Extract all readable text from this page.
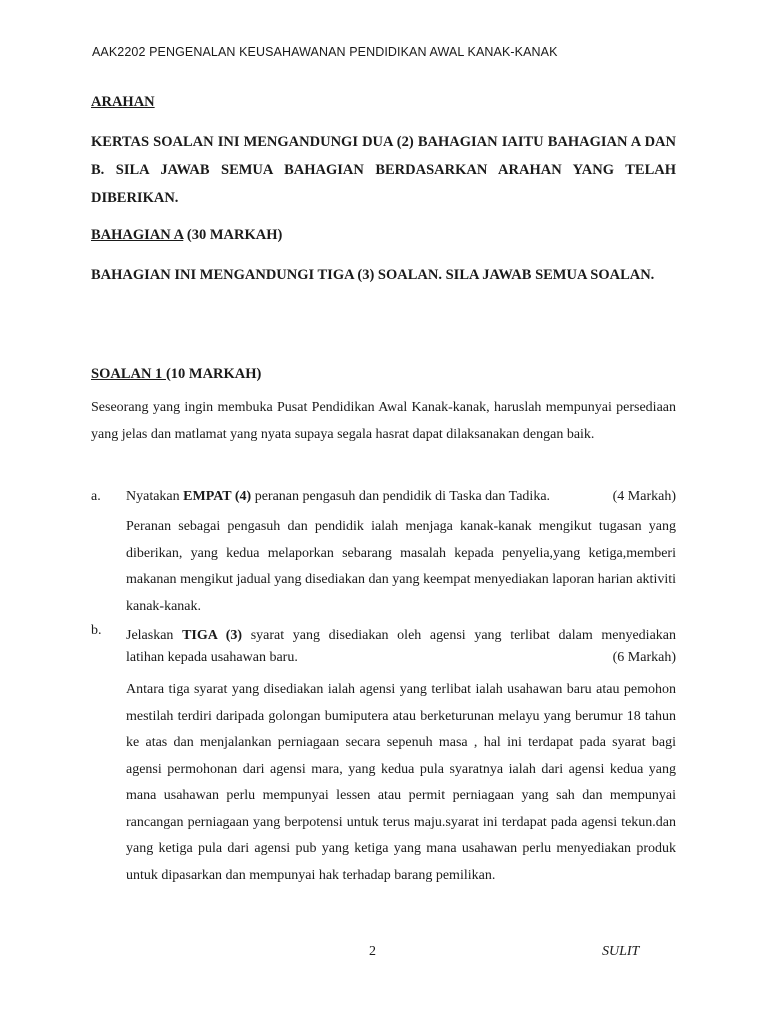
AAK2202 PENGENALAN KEUSAHAWANAN PENDIDIKAN AWAL KANAK-KANAK
ARAHAN
KERTAS SOALAN INI MENGANDUNGI DUA (2) BAHAGIAN IAITU BAHAGIAN A DAN B. SILA JAWAB SEMUA BAHAGIAN BERDASARKAN ARAHAN YANG TELAH DIBERIKAN.
BAHAGIAN A (30 MARKAH)
BAHAGIAN INI MENGANDUNGI TIGA (3) SOALAN. SILA JAWAB SEMUA SOALAN.
SOALAN 1 (10 MARKAH)
Seseorang yang ingin membuka Pusat Pendidikan Awal Kanak-kanak, haruslah mempunyai persediaan yang jelas dan matlamat yang nyata supaya segala hasrat dapat dilaksanakan dengan baik.
a. Nyatakan EMPAT (4) peranan pengasuh dan pendidik di Taska dan Tadika.	(4 Markah)
Peranan sebagai pengasuh dan pendidik ialah menjaga kanak-kanak mengikut tugasan yang diberikan, yang kedua melaporkan sebarang masalah kepada penyelia,yang ketiga,memberi makanan mengikut jadual yang disediakan dan yang keempat menyediakan laporan harian aktiviti kanak-kanak.
b. Jelaskan TIGA (3) syarat yang disediakan oleh agensi yang terlibat dalam menyediakan
latihan kepada usahawan baru.	(6 Markah)
Antara tiga syarat yang disediakan ialah agensi yang terlibat ialah usahawan baru atau pemohon mestilah terdiri daripada golongan bumiputera atau berketurunan melayu yang berumur 18 tahun ke atas dan menjalankan perniagaan secara sepenuh masa , hal ini terdapat pada syarat bagi agensi permohonan dari agensi mara, yang kedua pula syaratnya ialah dari agensi kedua yang mana usahawan perlu mempunyai lessen atau permit perniagaan yang sah dan mempunyai rancangan perniagaan yang berpotensi untuk terus maju.syarat ini terdapat pada agensi tekun.dan yang ketiga pula dari agensi pub yang ketiga yang mana usahawan perlu menyediakan produk untuk dipasarkan dan mempunyai hak terhadap barang pemilikan.
2	SULIT
